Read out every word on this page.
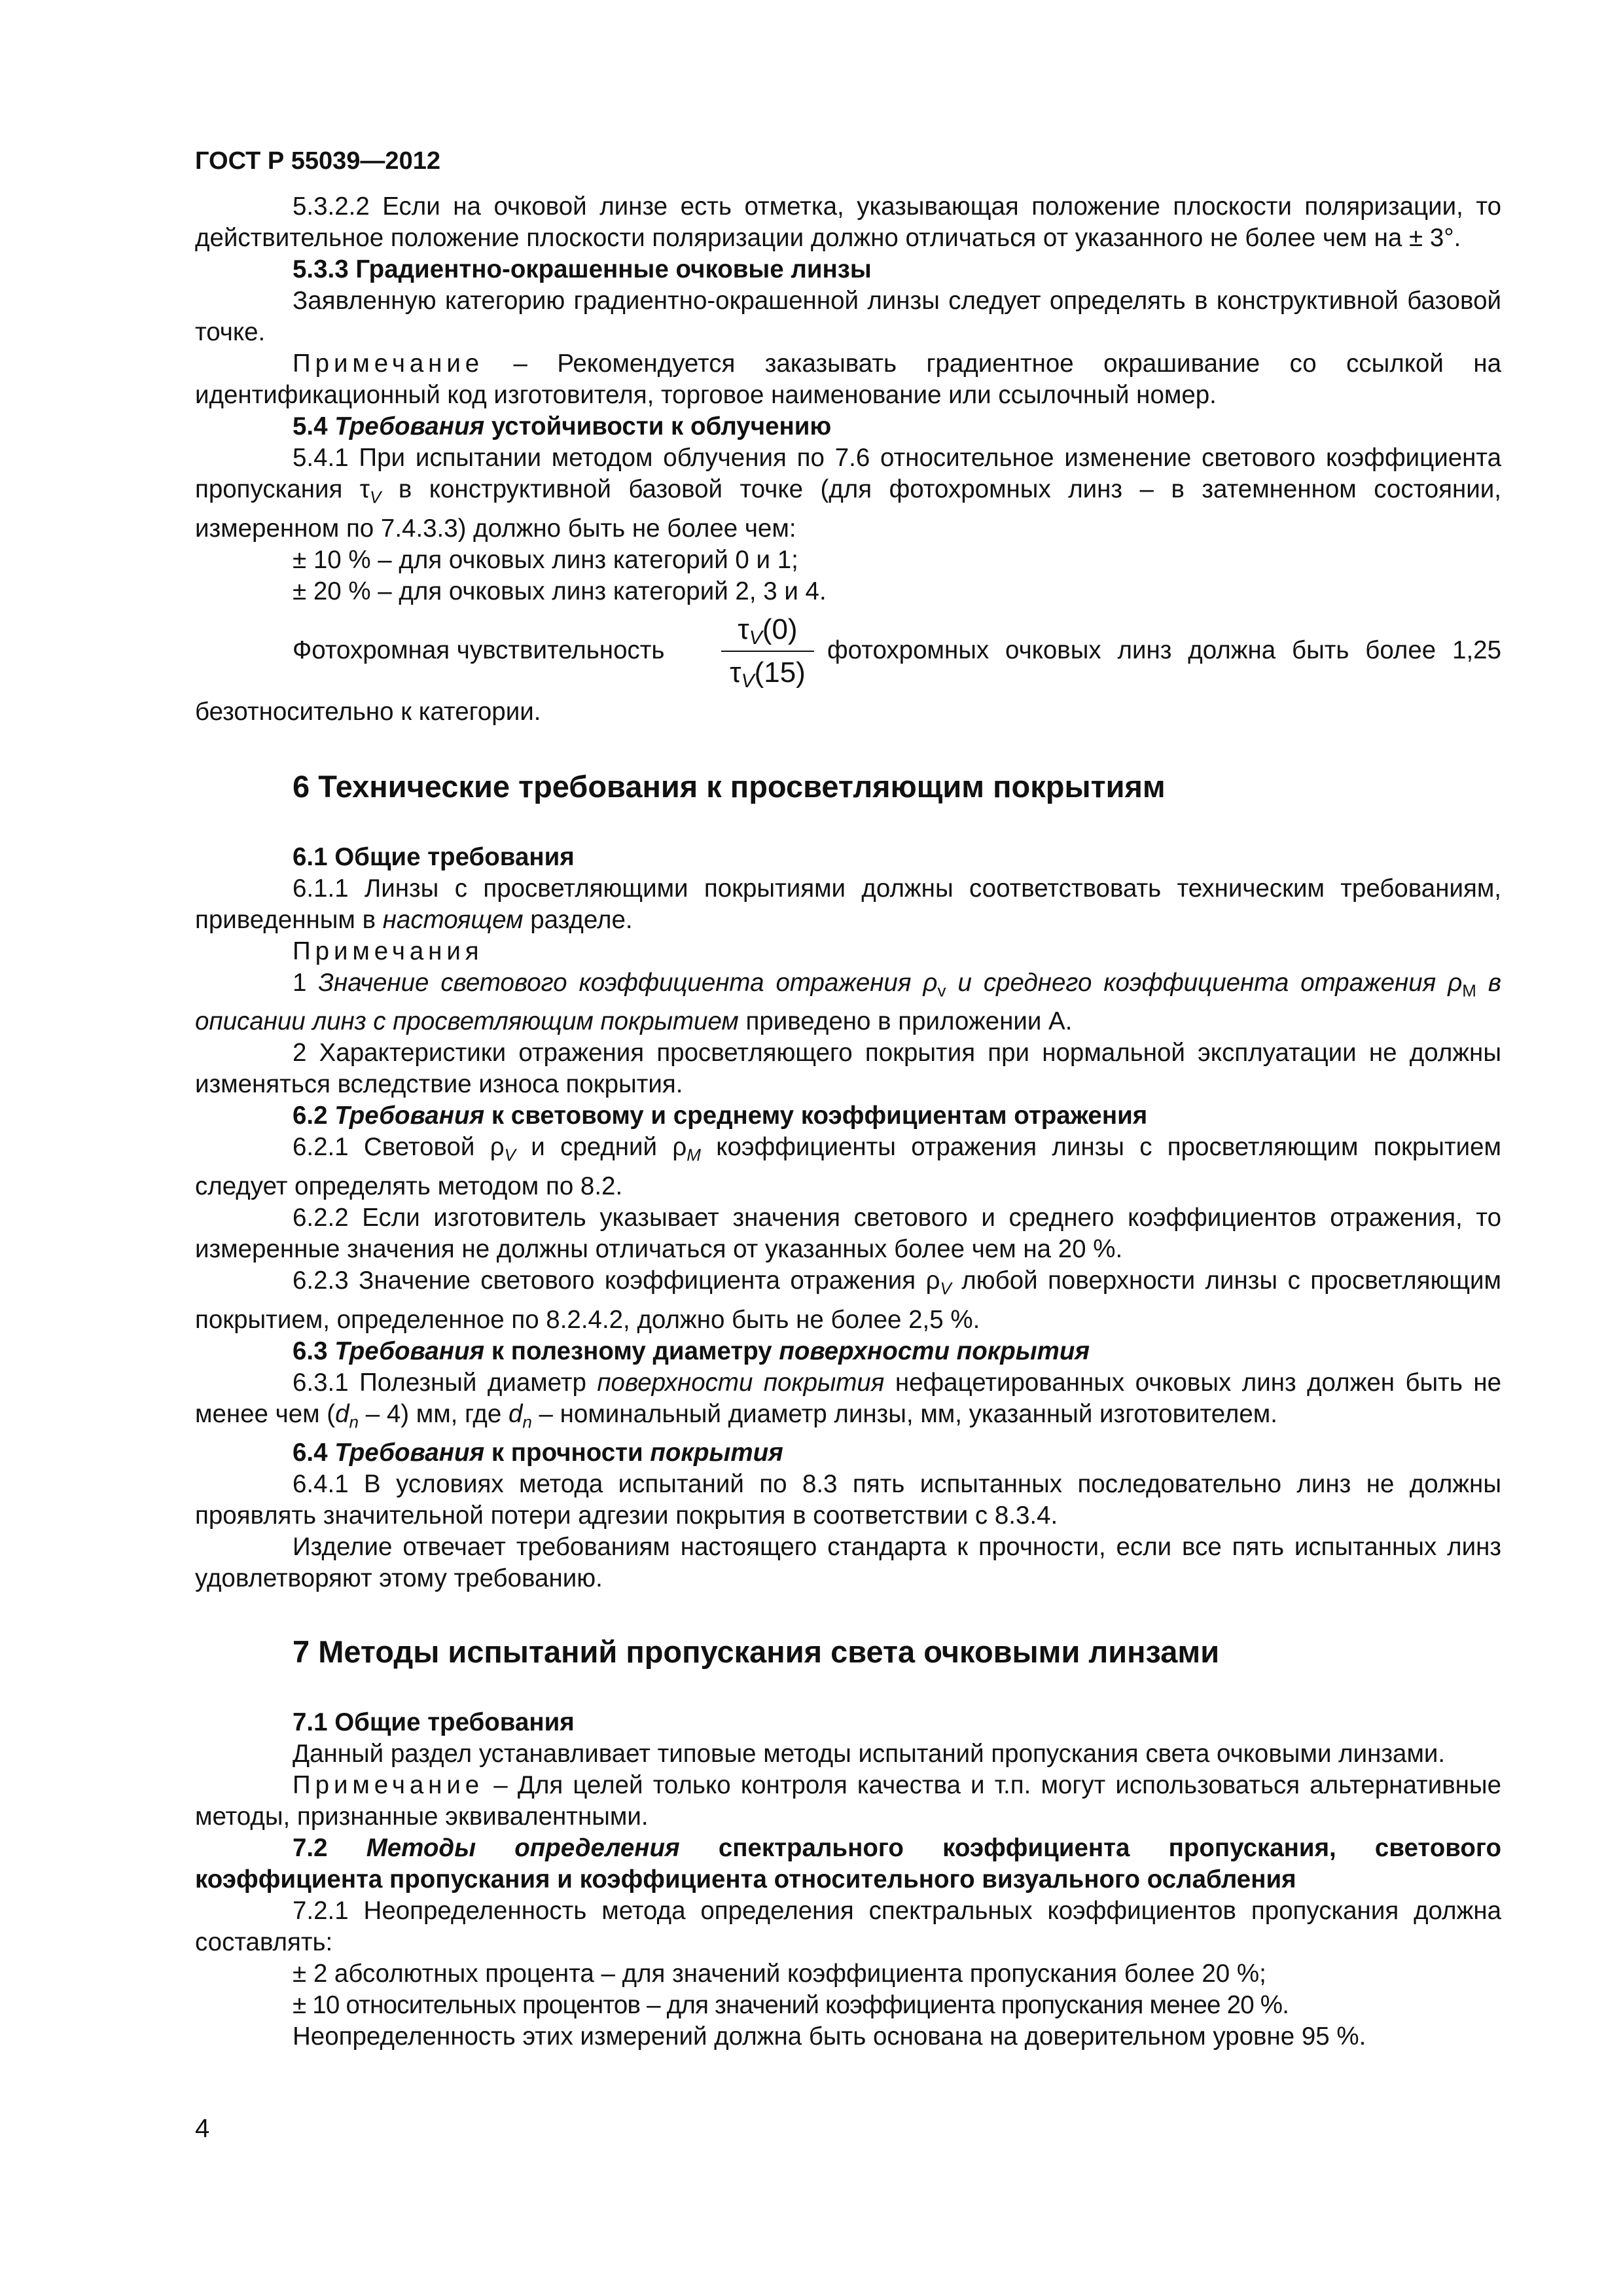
ГОСТ Р 55039—2012

5.3.2.2 Если на очковой линзе есть отметка, указывающая положение плоскости поляризации, то действительное положение плоскости поляризации должно отличаться от указанного не более чем на ± 3°.

5.3.3 Градиентно-окрашенные очковые линзы

Заявленную категорию градиентно-окрашенной линзы следует определять в конструктивной базовой точке.

Примечание – Рекомендуется заказывать градиентное окрашивание со ссылкой на идентификационный код изготовителя, торговое наименование или ссылочный номер.

5.4 Требования устойчивости к облучению

5.4.1 При испытании методом облучения по 7.6 относительное изменение светового коэффициента пропускания $\tau_V$ в конструктивной базовой точке (для фотохромных линз – в затемненном состоянии, измеренном по 7.4.3.3) должно быть не более чем:

± 10 % – для очковых линз категорий 0 и 1;

± 20 % – для очковых линз категорий 2, 3 и 4.

Фотохромная чувствительность
τV(0)
τV(15)
фотохромных очковых линз должна быть более 1,25

безотносительно к категории.

6 Технические требования к просветляющим покрытиям

6.1 Общие требования

6.1.1 Линзы с просветляющими покрытиями должны соответствовать техническим требованиям, приведенным в настоящем разделе.

Примечания

1 Значение светового коэффициента отражения $\rho_v$ и среднего коэффициента отражения $\rho_M$ в описании линз с просветляющим покрытием приведено в приложении А.

2 Характеристики отражения просветляющего покрытия при нормальной эксплуатации не должны изменяться вследствие износа покрытия.

6.2 Требования к световому и среднему коэффициентам отражения

6.2.1 Световой $\rho_V$ и средний $\rho_M$ коэффициенты отражения линзы с просветляющим покрытием следует определять методом по 8.2.

6.2.2 Если изготовитель указывает значения светового и среднего коэффициентов отражения, то измеренные значения не должны отличаться от указанных более чем на 20 %.

6.2.3 Значение светового коэффициента отражения $\rho_V$ любой поверхности линзы с просветляющим покрытием, определенное по 8.2.4.2, должно быть не более 2,5 %.

6.3 Требования к полезному диаметру поверхности покрытия

6.3.1 Полезный диаметр поверхности покрытия нефацетированных очковых линз должен быть не менее чем $(d_n - 4)$ мм, где $d_n$ – номинальный диаметр линзы, мм, указанный изготовителем.

6.4 Требования к прочности покрытия

6.4.1 В условиях метода испытаний по 8.3 пять испытанных последовательно линз не должны проявлять значительной потери адгезии покрытия в соответствии с 8.3.4.

Изделие отвечает требованиям настоящего стандарта к прочности, если все пять испытанных линз удовлетворяют этому требованию.

7 Методы испытаний пропускания света очковыми линзами

7.1 Общие требования

Данный раздел устанавливает типовые методы испытаний пропускания света очковыми линзами.

Примечание – Для целей только контроля качества и т.п. могут использоваться альтернативные методы, признанные эквивалентными.

7.2 Методы определения спектрального коэффициента пропускания, светового коэффициента пропускания и коэффициента относительного визуального ослабления

7.2.1 Неопределенность метода определения спектральных коэффициентов пропускания должна составлять:

± 2 абсолютных процента – для значений коэффициента пропускания более 20 %;

± 10 относительных процентов – для значений коэффициента пропускания менее 20 %.

Неопределенность этих измерений должна быть основана на доверительном уровне 95 %.

4
